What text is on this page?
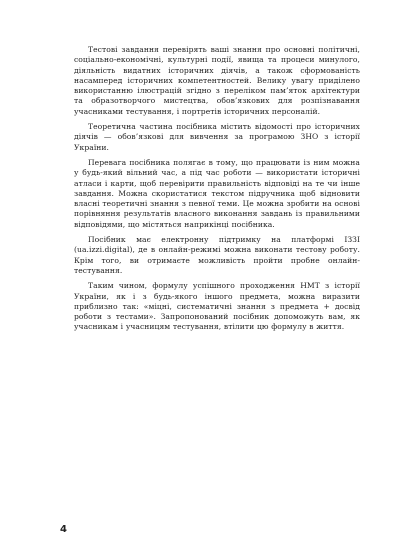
Тестові завдання перевірять ваші знання про основні політичні, соціально-економічні, культурні події, явища та процеси минулого, діяльність видатних історичних діячів, а також сформованість насамперед історичних компетентностей. Велику увагу приділено використанню ілюстрацій згідно з переліком пам’яток архітектури та образотворчого мистецтва, обов’язкових для розпізнавання учасниками тестування, і портретів історичних персоналій.

Теоретична частина посібника містить відомості про історичних діячів — обов’язкові для вивчення за програмою ЗНО з історії України.

Перевага посібника полягає в тому, що працювати із ним можна у будь-який вільний час, а під час роботи — використати історичні атласи і карти, щоб перевірити правильність відповіді на те чи інше завдання. Можна скористатися текстом підручника щоб відновити власні теоретичні знання з певної теми. Це можна зробити на основі порівняння результатів власного виконання завдань із правильними відповідями, що містяться наприкінці посібника.

Посібник має електронну підтримку на платформі IЗЗІ (ua.izzi.digital), де в онлайн-режимі можна виконати тестову роботу. Крім того, ви отримаєте можливість пройти пробне онлайн-тестування.

Таким чином, формулу успішного проходження НМТ з історії України, як і з будь-якого іншого предмета, можна виразити приблизно так: «міцні, систематичні знання з предмета + досвід роботи з тестами». Запропонований посібник допоможуть вам, як учасникам і учасницям тестування, втілити цю формулу в життя.

4
